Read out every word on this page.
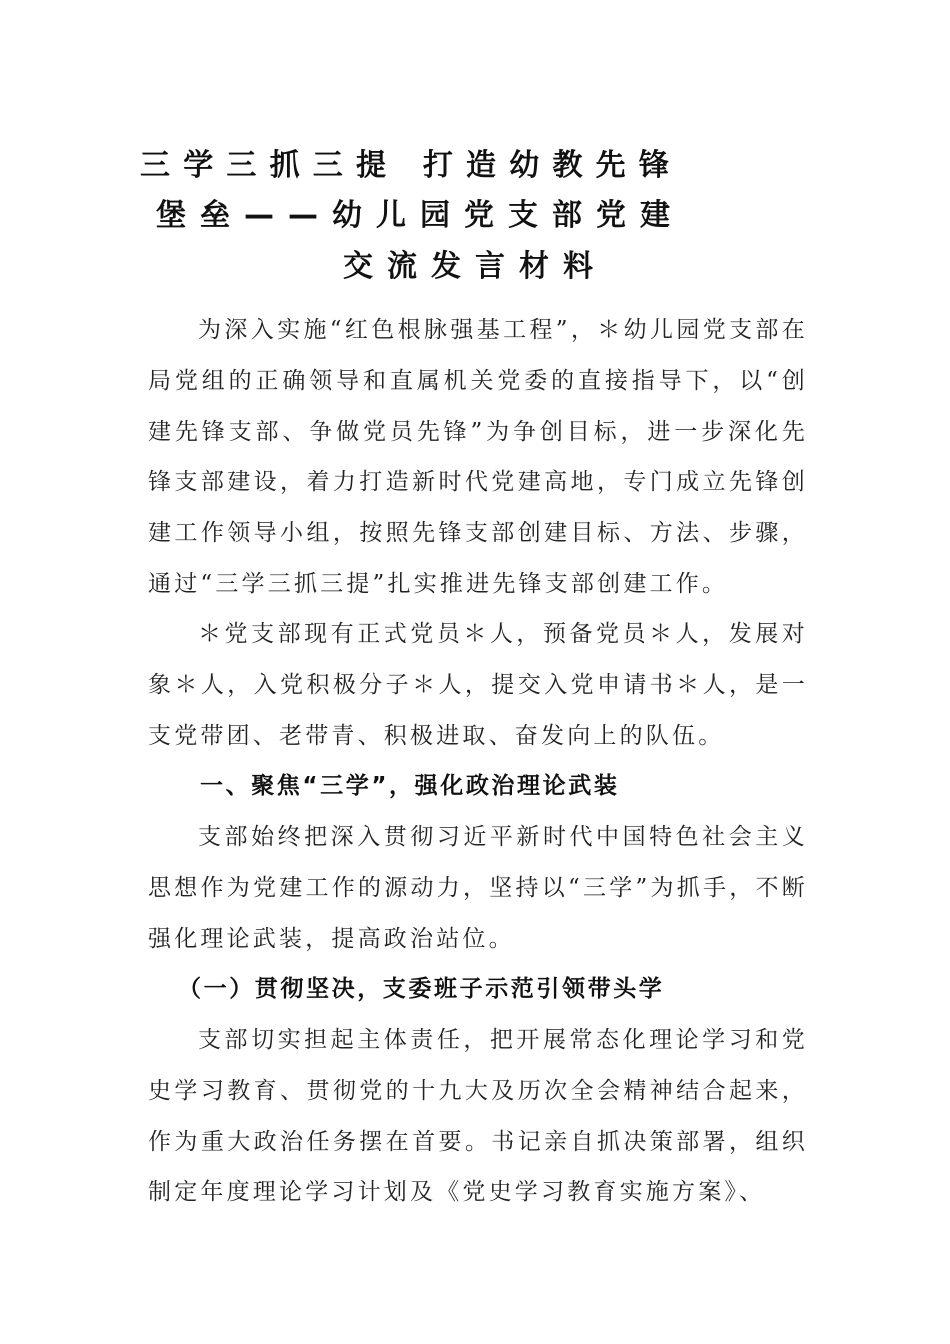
三学三抓三提 打造幼教先锋
堡垒——幼儿园党支部党建
交流发言材料

为深入实施“红色根脉强基工程”，＊幼儿园党支部在局党组的正确领导和直属机关党委的直接指导下，以“创建先锋支部、争做党员先锋”为争创目标，进一步深化先锋支部建设，着力打造新时代党建高地，专门成立先锋创建工作领导小组，按照先锋支部创建目标、方法、步骤，通过“三学三抓三提”扎实推进先锋支部创建工作。

＊党支部现有正式党员＊人，预备党员＊人，发展对象＊人，入党积极分子＊人，提交入党申请书＊人，是一支党带团、老带青、积极进取、奋发向上的队伍。

一、聚焦“三学”，强化政治理论武装

支部始终把深入贯彻习近平新时代中国特色社会主义思想作为党建工作的源动力，坚持以“三学”为抓手，不断强化理论武装，提高政治站位。

（一）贯彻坚决，支委班子示范引领带头学

支部切实担起主体责任，把开展常态化理论学习和党史学习教育、贯彻党的十九大及历次全会精神结合起来，作为重大政治任务摆在首要。书记亲自抓决策部署，组织制定年度理论学习计划及《党史学习教育实施方案》、
